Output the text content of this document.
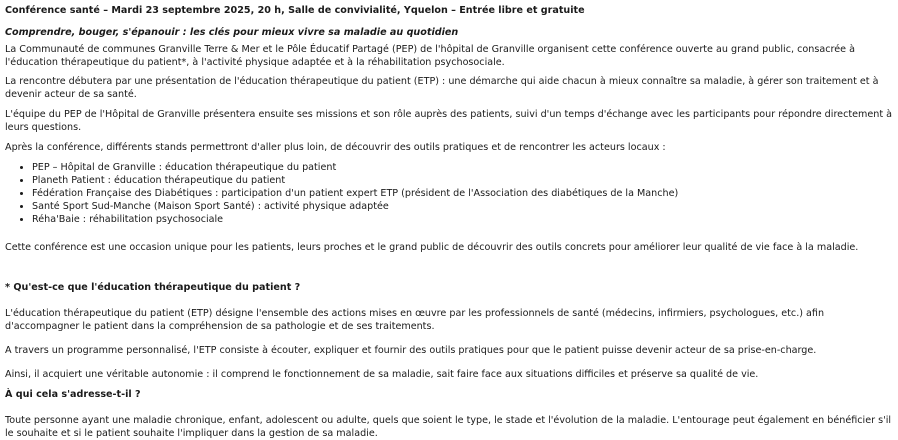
Conférence santé – Mardi 23 septembre 2025, 20 h, Salle de convivialité, Yquelon – Entrée libre et gratuite

Comprendre, bouger, s'épanouir : les clés pour mieux vivre sa maladie au quotidien

La Communauté de communes Granville Terre & Mer et le Pôle Éducatif Partagé (PEP) de l'hôpital de Granville organisent cette conférence ouverte au grand public, consacrée à l'éducation thérapeutique du patient*, à l'activité physique adaptée et à la réhabilitation psychosociale.

La rencontre débutera par une présentation de l'éducation thérapeutique du patient (ETP) : une démarche qui aide chacun à mieux connaître sa maladie, à gérer son traitement et à devenir acteur de sa santé.

L'équipe du PEP de l'Hôpital de Granville présentera ensuite ses missions et son rôle auprès des patients, suivi d'un temps d'échange avec les participants pour répondre directement à leurs questions.

Après la conférence, différents stands permettront d'aller plus loin, de découvrir des outils pratiques et de rencontrer les acteurs locaux :

• PEP – Hôpital de Granville : éducation thérapeutique du patient
• Planeth Patient : éducation thérapeutique du patient
• Fédération Française des Diabétiques : participation d'un patient expert ETP (président de l'Association des diabétiques de la Manche)
• Santé Sport Sud-Manche (Maison Sport Santé) : activité physique adaptée
• Réha'Baie : réhabilitation psychosociale

Cette conférence est une occasion unique pour les patients, leurs proches et le grand public de découvrir des outils concrets pour améliorer leur qualité de vie face à la maladie.

* Qu'est-ce que l'éducation thérapeutique du patient ?

L'éducation thérapeutique du patient (ETP) désigne l'ensemble des actions mises en œuvre par les professionnels de santé (médecins, infirmiers, psychologues, etc.) afin d'accompagner le patient dans la compréhension de sa pathologie et de ses traitements.

A travers un programme personnalisé, l'ETP consiste à écouter, expliquer et fournir des outils pratiques pour que le patient puisse devenir acteur de sa prise-en-charge.

Ainsi, il acquiert une véritable autonomie : il comprend le fonctionnement de sa maladie, sait faire face aux situations difficiles et préserve sa qualité de vie.

À qui cela s'adresse-t-il ?

Toute personne ayant une maladie chronique, enfant, adolescent ou adulte, quels que soient le type, le stade et l'évolution de la maladie. L'entourage peut également en bénéficier s'il le souhaite et si le patient souhaite l'impliquer dans la gestion de sa maladie.
